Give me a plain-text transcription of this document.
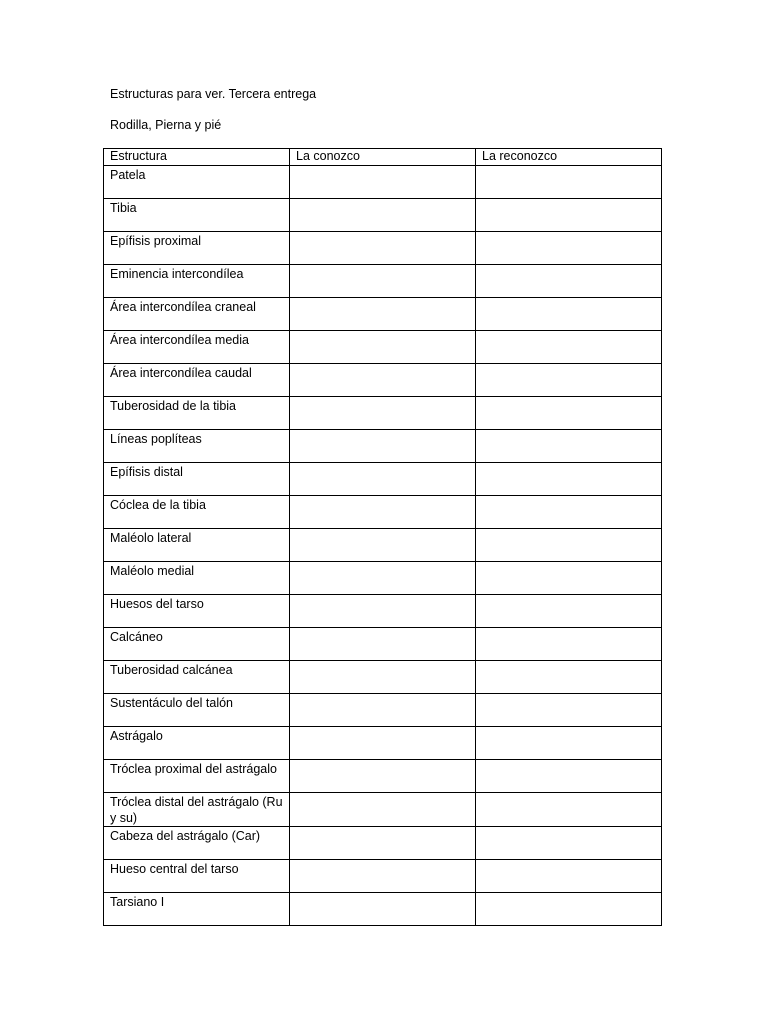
Estructuras para ver. Tercera entrega
Rodilla, Pierna y pié
Estructura	La conozco	La reconozco
Patela		
Tibia		
Epífisis proximal		
Eminencia intercondílea		
Área intercondílea craneal		
Área intercondílea media		
Área intercondílea caudal		
Tuberosidad de la tibia		
Líneas poplíteas		
Epífisis distal		
Cóclea de la tibia		
Maléolo lateral		
Maléolo medial		
Huesos del tarso		
Calcáneo		
Tuberosidad calcánea		
Sustentáculo del talón		
Astrágalo		
Tróclea proximal del astrágalo		
Tróclea distal del astrágalo (Ru y su)		
Cabeza del astrágalo (Car)		
Hueso central del tarso		
Tarsiano I		
